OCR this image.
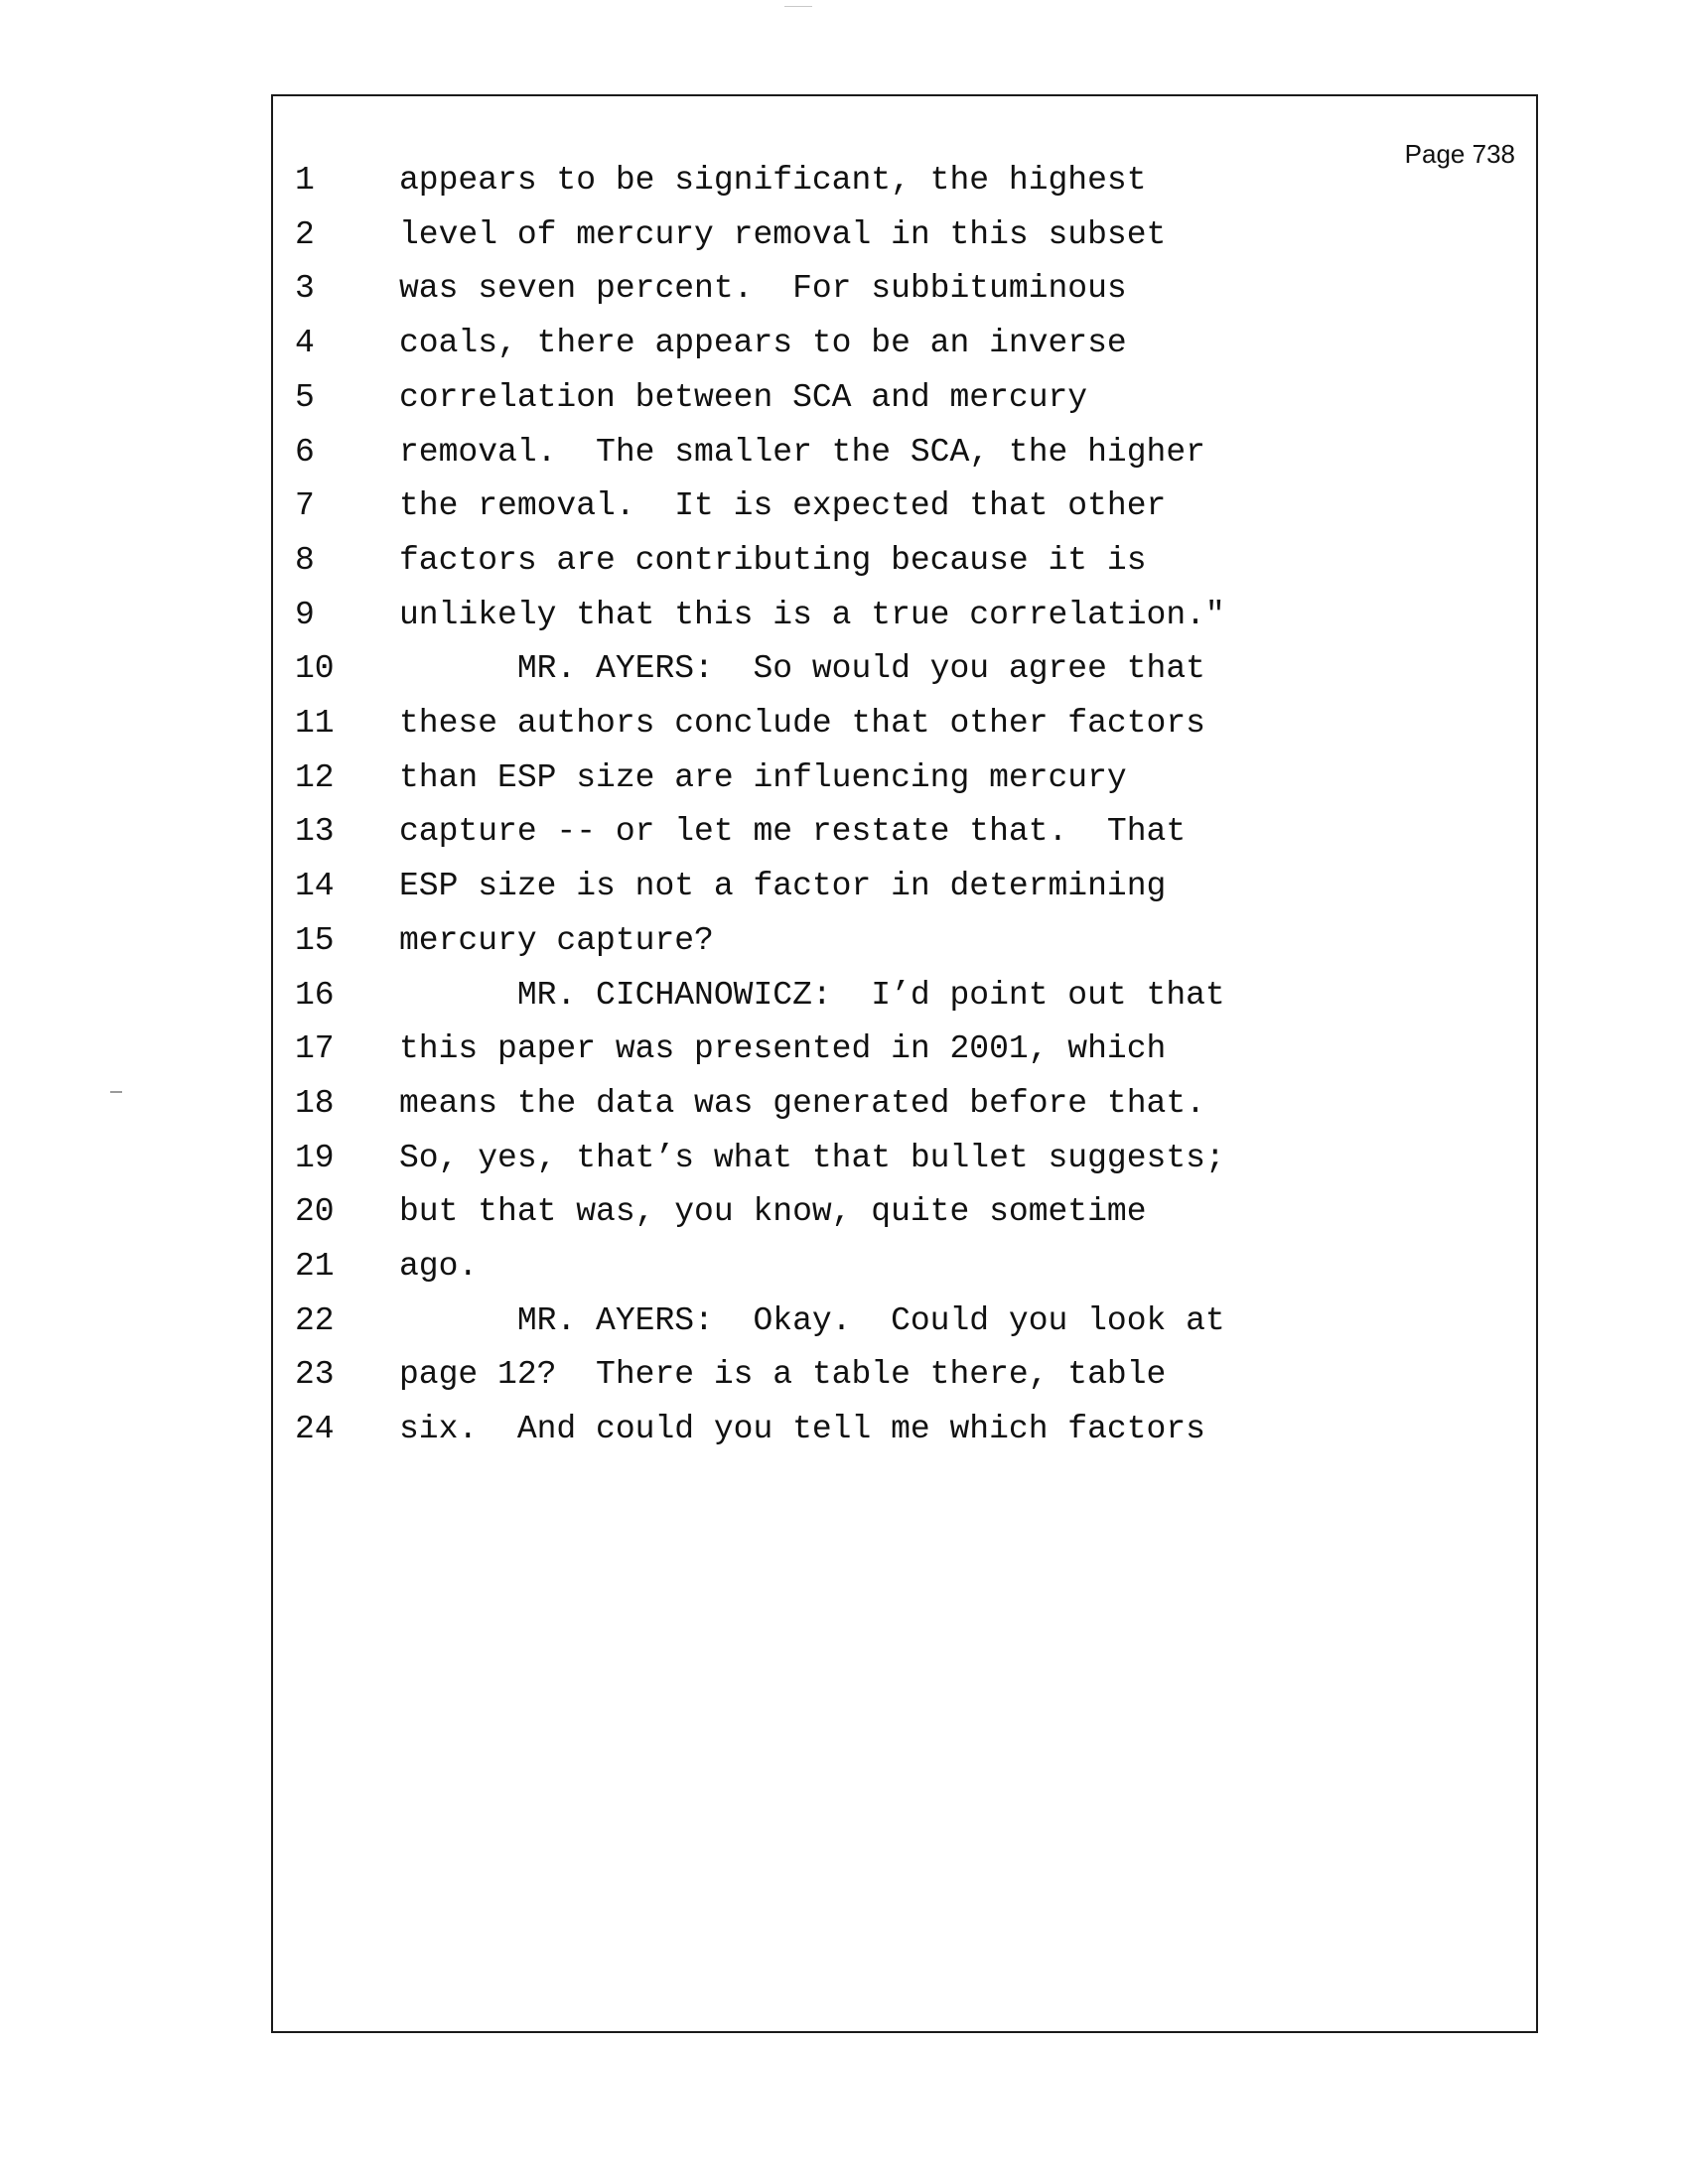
Page 738
1	appears to be significant, the highest
2	level of mercury removal in this subset
3	was seven percent.  For subbituminous
4	coals, there appears to be an inverse
5	correlation between SCA and mercury
6	removal.  The smaller the SCA, the higher
7	the removal.  It is expected that other
8	factors are contributing because it is
9	unlikely that this is a true correlation."
10	MR. AYERS:  So would you agree that
11	these authors conclude that other factors
12	than ESP size are influencing mercury
13	capture -- or let me restate that.  That
14	ESP size is not a factor in determining
15	mercury capture?
16	MR. CICHANOWICZ:  I’d point out that
17	this paper was presented in 2001, which
18	means the data was generated before that.
19	So, yes, that’s what that bullet suggests;
20	but that was, you know, quite sometime
21	ago.
22	MR. AYERS:  Okay.  Could you look at
23	page 12?  There is a table there, table
24	six.  And could you tell me which factors
